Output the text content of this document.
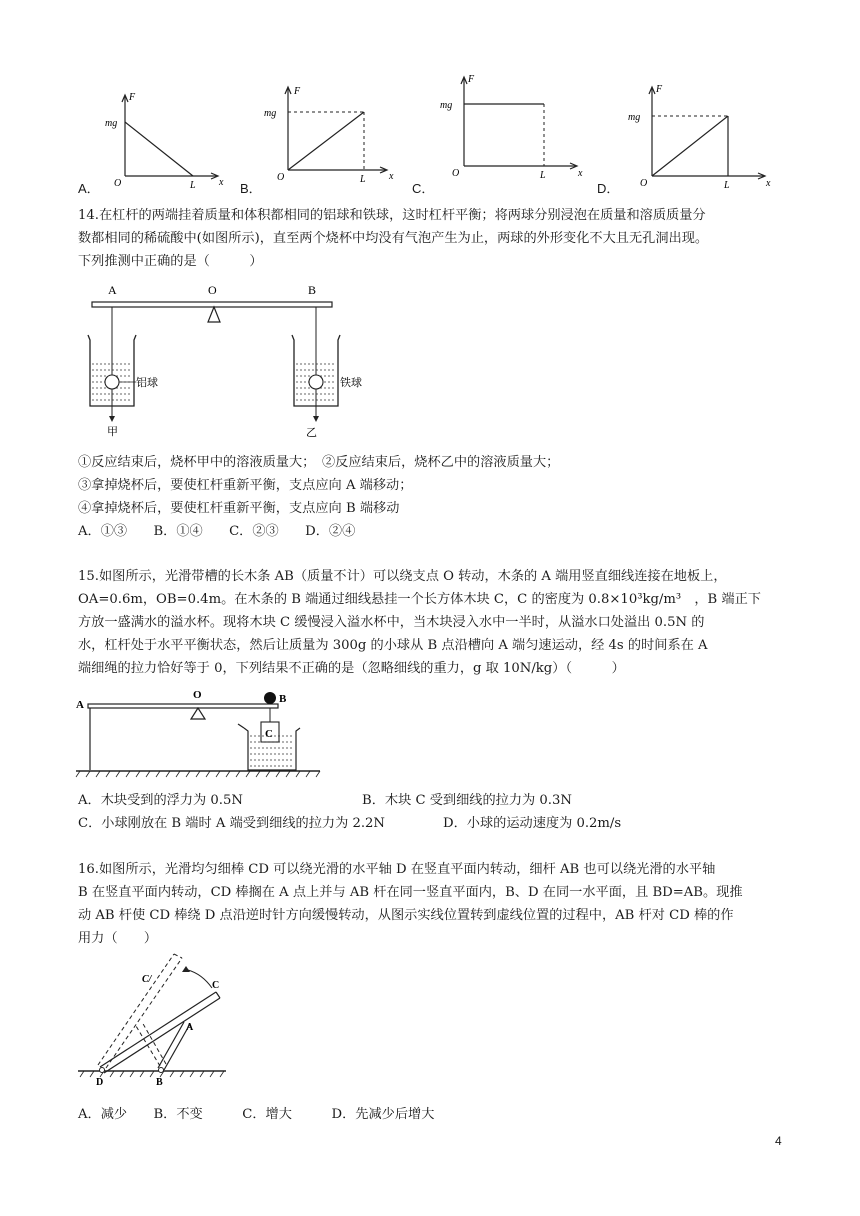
F
mg
O	L x
A．
F
mg
O	L x
B．
F
mg
O	L	x
C．
F
mg
O	L	x
D．
14.在杠杆的两端挂着质量和体积都相同的铝球和铁球，这时杠杆平衡；将两球分别浸泡在质量和溶质质量分
数都相同的稀硫酸中(如图所示)，直至两个烧杯中均没有气泡产生为止，两球的外形变化不大且无孔洞出现。
下列推测中正确的是（　　　）
A	O	B
铝球
甲
铁球
乙
①反应结束后，烧杯甲中的溶液质量大；　②反应结束后，烧杯乙中的溶液质量大；
③拿掉烧杯后，要使杠杆重新平衡，支点应向 A 端移动；
④拿掉烧杯后，要使杠杆重新平衡，支点应向 B 端移动
A．①③　　B．①④　　C．②③　　D．②④
15.如图所示，光滑带槽的长木条 AB（质量不计）可以绕支点 O 转动，木条的 A 端用竖直细线连接在地板上，
OA=0.6m，OB=0.4m。在木条的 B 端通过细线悬挂一个长方体木块 C，C 的密度为 0.8×10³kg/m³　，B 端正下
方放一盛满水的溢水杯。现将木块 C 缓慢浸入溢水杯中，当木块浸入水中一半时，从溢水口处溢出 0.5N 的
水，杠杆处于水平平衡状态，然后让质量为 300g 的小球从 B 点沿槽向 A 端匀速运动，经 4s 的时间系在 A
端细绳的拉力恰好等于 0，下列结果不正确的是（忽略细线的重力，g 取 10N/kg）（　　　）
A
O	B
C
A．木块受到的浮力为 0.5N	B．木块 C 受到细线的拉力为 0.3N
C．小球刚放在 B 端时 A 端受到细线的拉力为 2.2N	D．小球的运动速度为 0.2m/s
16.如图所示，光滑均匀细棒 CD 可以绕光滑的水平轴 D 在竖直平面内转动，细杆 AB 也可以绕光滑的水平轴
B 在竖直平面内转动，CD 棒搁在 A 点上并与 AB 杆在同一竖直平面内，B、D 在同一水平面，且 BD=AB。现推
动 AB 杆使 CD 棒绕 D 点沿逆时针方向缓慢转动，从图示实线位置转到虚线位置的过程中，AB 杆对 CD 棒的作
用力（　　）
C/
C
A
D	B
A．减少　　B．不变　　　C．增大　　　D．先减少后增大
4
